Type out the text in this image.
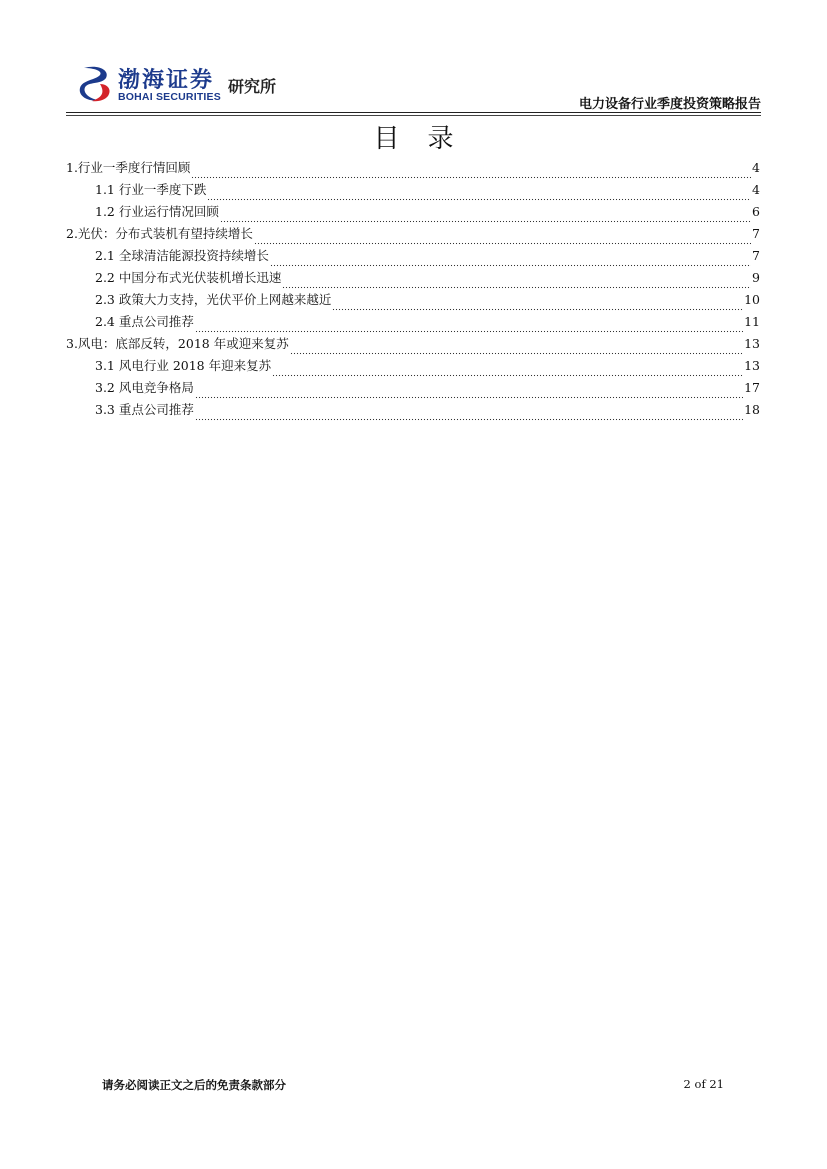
渤海证券
BOHAI SECURITIES
研究所
电力设备行业季度投资策略报告
目录
1.行业一季度行情回顾	4
1.1 行业一季度下跌	4
1.2 行业运行情况回顾	6
2.光伏：分布式装机有望持续增长	7
2.1 全球清洁能源投资持续增长	7
2.2 中国分布式光伏装机增长迅速	9
2.3 政策大力支持，光伏平价上网越来越近	10
2.4 重点公司推荐	11
3.风电：底部反转，2018 年或迎来复苏	13
3.1 风电行业 2018 年迎来复苏	13
3.2 风电竞争格局	17
3.3 重点公司推荐	18
请务必阅读正文之后的免责条款部分	2 of 21
